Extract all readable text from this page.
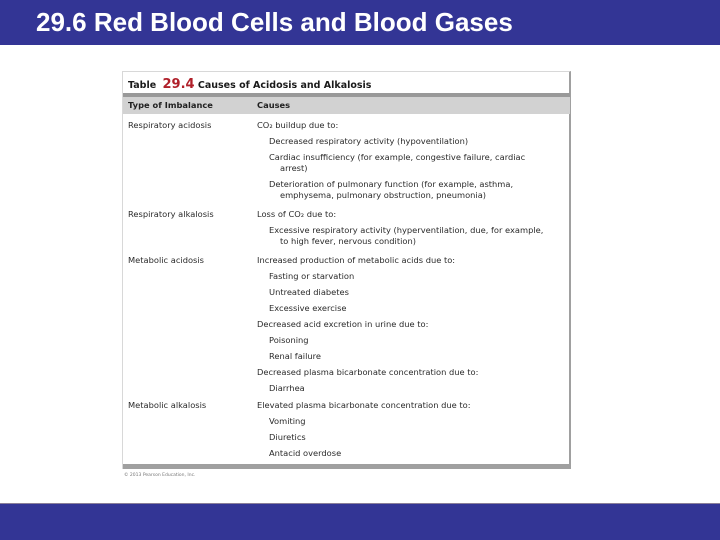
29.6 Red Blood Cells and Blood Gases
Table 29.4 Causes of Acidosis and Alkalosis
Type of Imbalance	Causes
Respiratory acidosis	CO₂ buildup due to:
Decreased respiratory activity (hypoventilation)
Cardiac insufficiency (for example, congestive failure, cardiac
arrest)
Deterioration of pulmonary function (for example, asthma,
emphysema, pulmonary obstruction, pneumonia)
Respiratory alkalosis	Loss of CO₂ due to:
Excessive respiratory activity (hyperventilation, due, for example,
to high fever, nervous condition)
Metabolic acidosis	Increased production of metabolic acids due to:
Fasting or starvation
Untreated diabetes
Excessive exercise
Decreased acid excretion in urine due to:
Poisoning
Renal failure
Decreased plasma bicarbonate concentration due to:
Diarrhea
Metabolic alkalosis	Elevated plasma bicarbonate concentration due to:
Vomiting
Diuretics
Antacid overdose
© 2013 Pearson Education, Inc.
